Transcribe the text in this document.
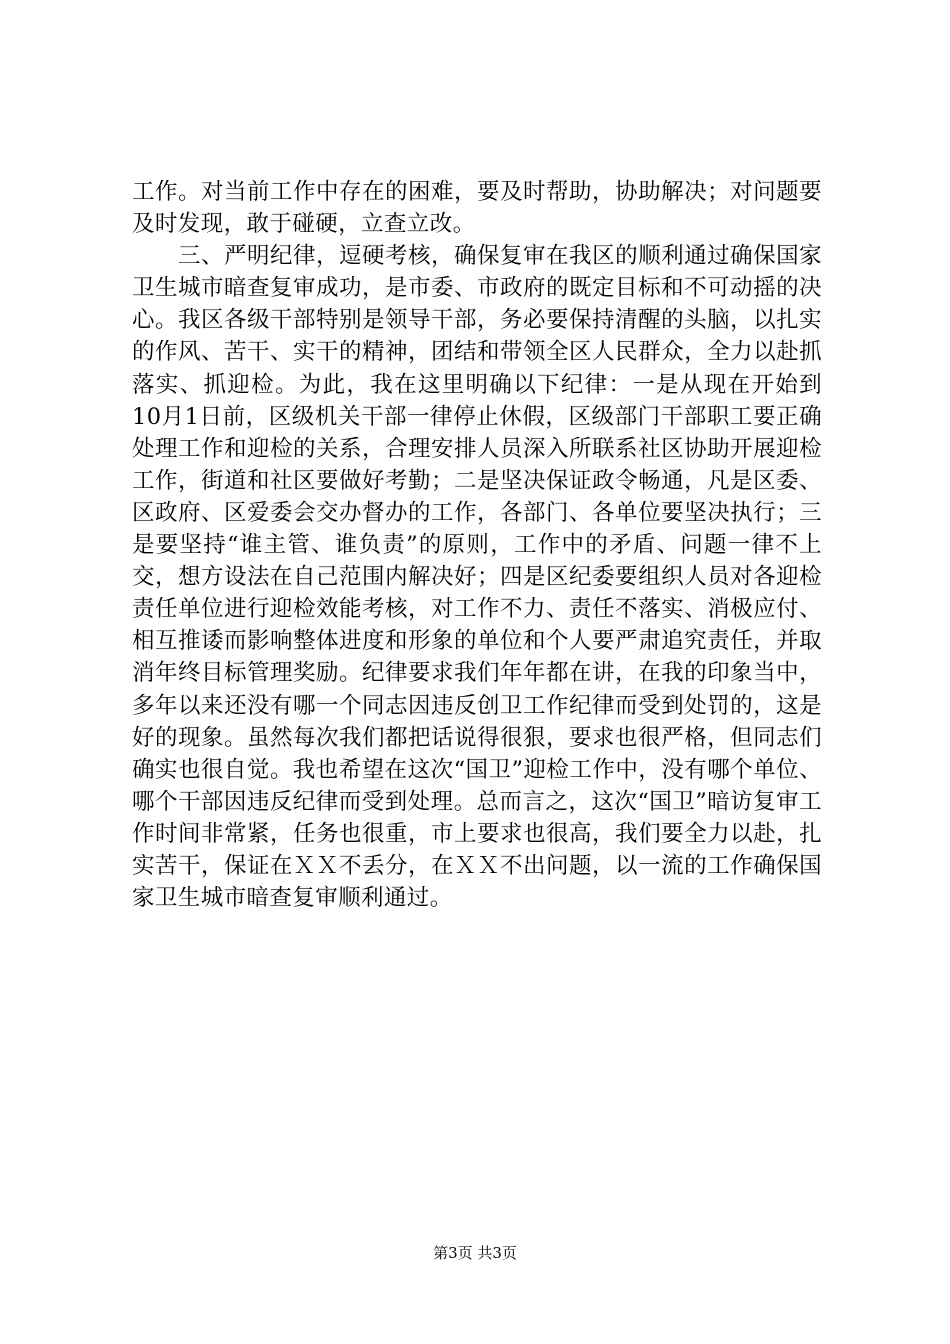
工作。对当前工作中存在的困难，要及时帮助，协助解决；对问题要及时发现，敢于碰硬，立查立改。

三、严明纪律，逗硬考核，确保复审在我区的顺利通过确保国家卫生城市暗查复审成功，是市委、市政府的既定目标和不可动摇的决心。我区各级干部特别是领导干部，务必要保持清醒的头脑，以扎实的作风、苦干、实干的精神，团结和带领全区人民群众，全力以赴抓落实、抓迎检。为此，我在这里明确以下纪律：一是从现在开始到10月1日前，区级机关干部一律停止休假，区级部门干部职工要正确处理工作和迎检的关系，合理安排人员深入所联系社区协助开展迎检工作，街道和社区要做好考勤；二是坚决保证政令畅通，凡是区委、区政府、区爱委会交办督办的工作，各部门、各单位要坚决执行；三是要坚持“谁主管、谁负责”的原则，工作中的矛盾、问题一律不上交，想方设法在自己范围内解决好；四是区纪委要组织人员对各迎检责任单位进行迎检效能考核，对工作不力、责任不落实、消极应付、相互推诿而影响整体进度和形象的单位和个人要严肃追究责任，并取消年终目标管理奖励。纪律要求我们年年都在讲，在我的印象当中，多年以来还没有哪一个同志因违反创卫工作纪律而受到处罚的，这是好的现象。虽然每次我们都把话说得很狠，要求也很严格，但同志们确实也很自觉。我也希望在这次“国卫”迎检工作中，没有哪个单位、哪个干部因违反纪律而受到处理。总而言之，这次“国卫”暗访复审工作时间非常紧，任务也很重，市上要求也很高，我们要全力以赴，扎实苦干，保证在ＸＸ不丢分，在ＸＸ不出问题，以一流的工作确保国家卫生城市暗查复审顺利通过。

第3页 共3页
